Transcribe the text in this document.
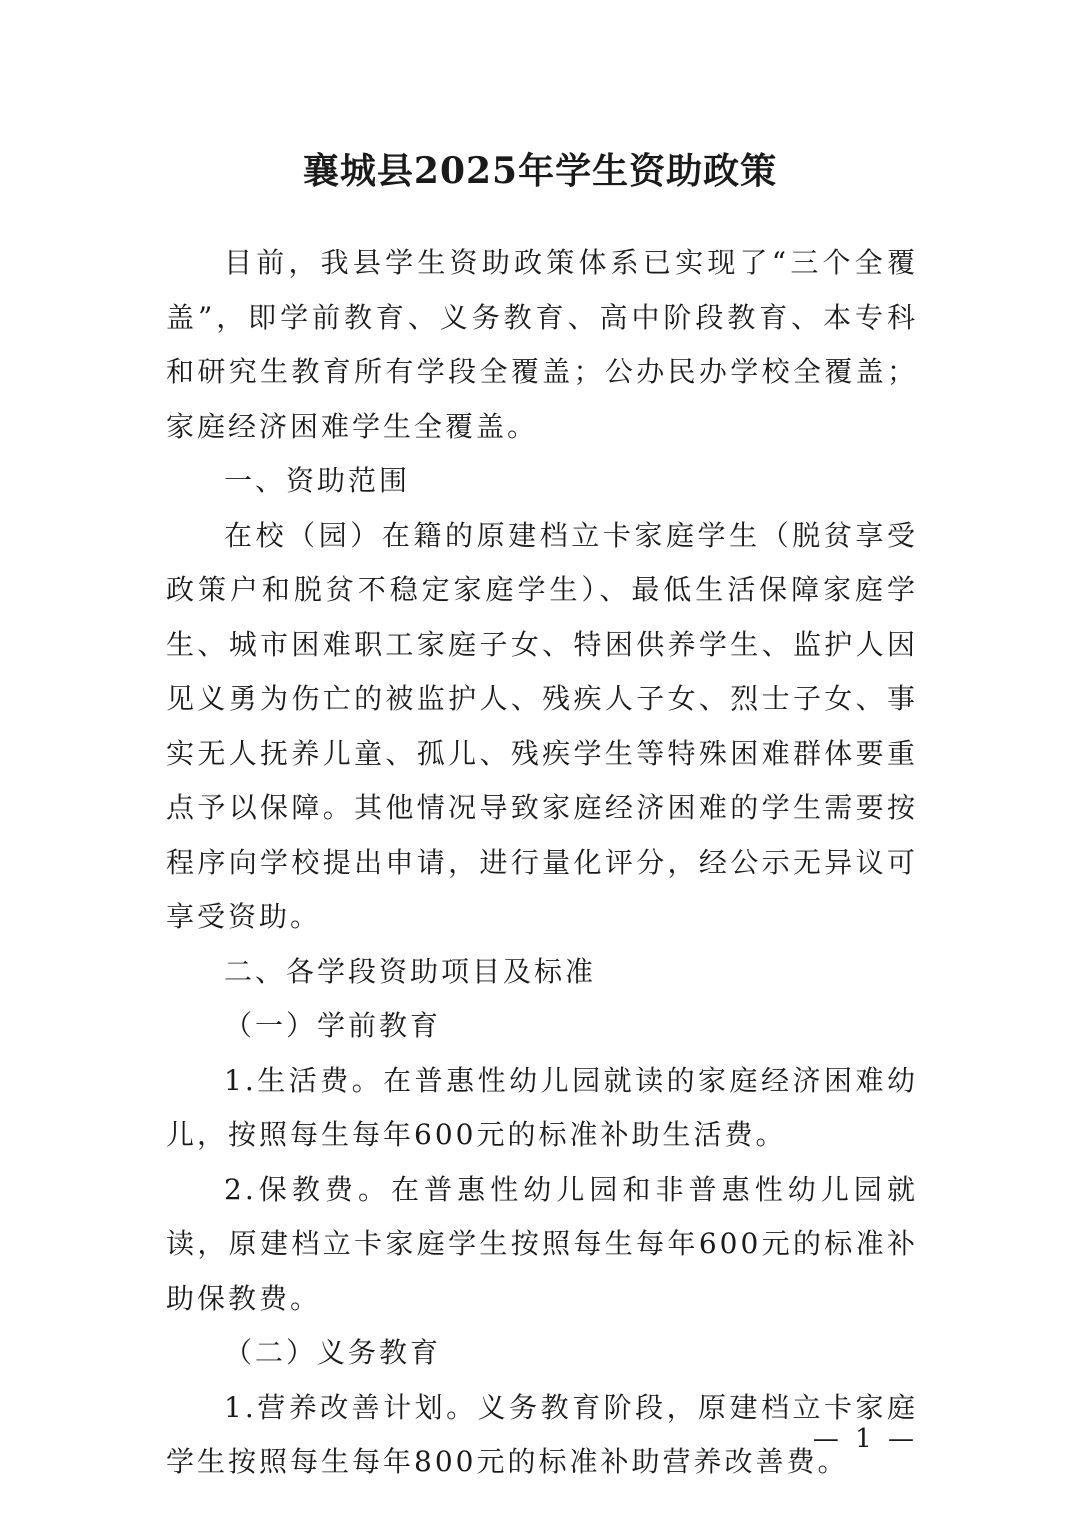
襄城县2025年学生资助政策

目前，我县学生资助政策体系已实现了“三个全覆盖”，即学前教育、义务教育、高中阶段教育、本专科和研究生教育所有学段全覆盖；公办民办学校全覆盖；家庭经济困难学生全覆盖。

一、资助范围

在校（园）在籍的原建档立卡家庭学生（脱贫享受政策户和脱贫不稳定家庭学生）、最低生活保障家庭学生、城市困难职工家庭子女、特困供养学生、监护人因见义勇为伤亡的被监护人、残疾人子女、烈士子女、事实无人抚养儿童、孤儿、残疾学生等特殊困难群体要重点予以保障。其他情况导致家庭经济困难的学生需要按程序向学校提出申请，进行量化评分，经公示无异议可享受资助。

二、各学段资助项目及标准

（一）学前教育

1.生活费。在普惠性幼儿园就读的家庭经济困难幼儿，按照每生每年600元的标准补助生活费。

2.保教费。在普惠性幼儿园和非普惠性幼儿园就读，原建档立卡家庭学生按照每生每年600元的标准补助保教费。

（二）义务教育

1.营养改善计划。义务教育阶段，原建档立卡家庭学生按照每生每年800元的标准补助营养改善费。

— 1 —
